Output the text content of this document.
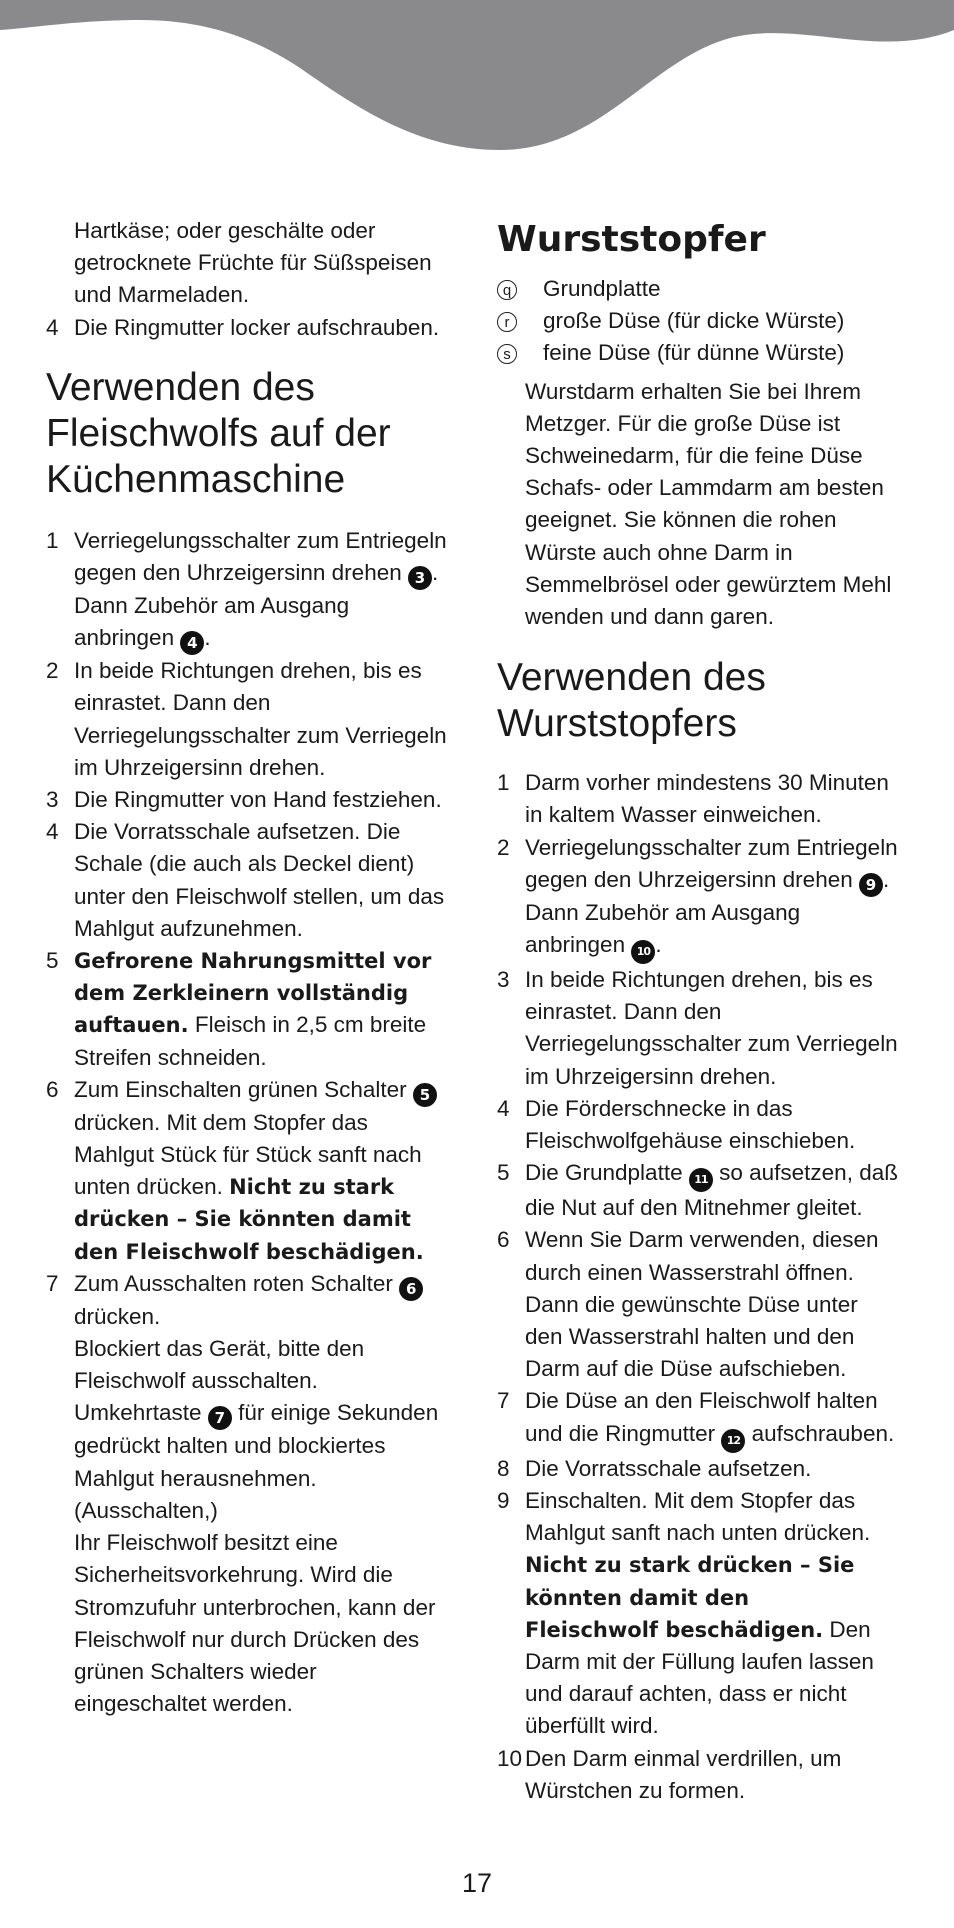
Hartkäse; oder geschälte oder

getrocknete Früchte für Süßspeisen

und Marmeladen.

4 Die Ringmutter locker aufschrauben.
Verwenden des
Fleischwolfs auf der
Küchenmaschine
1 Verriegelungsschalter zum Entriegeln
gegen den Uhrzeigersinn drehen 3 .
Dann Zubehör am Ausgang
anbringen 4 .
2 In beide Richtungen drehen, bis es
einrastet. Dann den
Verriegelungsschalter zum Verriegeln
im Uhrzeigersinn drehen.
3 Die Ringmutter von Hand festziehen.
4 Die Vorratsschale aufsetzen. Die
Schale (die auch als Deckel dient)
unter den Fleischwolf stellen, um das
Mahlgut aufzunehmen.
5 Gefrorene Nahrungsmittel vor
dem Zerkleinern vollständig
auftauen. Fleisch in 2,5 cm breite
Streifen schneiden.
6 Zum Einschalten grünen Schalter 5
drücken. Mit dem Stopfer das
Mahlgut Stück für Stück sanft nach
unten drücken. Nicht zu stark
drücken – Sie könnten damit
den Fleischwolf beschädigen.
7 Zum Ausschalten roten Schalter 6
drücken.
Blockiert das Gerät, bitte den
Fleischwolf ausschalten.
Umkehrtaste 7 für einige Sekunden
gedrückt halten und blockiertes
Mahlgut herausnehmen.
(Ausschalten,)
Ihr Fleischwolf besitzt eine
Sicherheitsvorkehrung. Wird die
Stromzufuhr unterbrochen, kann der
Fleischwolf nur durch Drücken des
grünen Schalters wieder
eingeschaltet werden.
Wurststopfer
q	Grundplatte
r	große Düse (für dicke Würste)
s	feine Düse (für dünne Würste)
Wurstdarm erhalten Sie bei Ihrem
Metzger. Für die große Düse ist
Schweinedarm, für die feine Düse
Schafs- oder Lammdarm am besten
geeignet. Sie können die rohen
Würste auch ohne Darm in
Semmelbrösel oder gewürztem Mehl
wenden und dann garen.
Verwenden des
Wurststopfers
1 Darm vorher mindestens 30 Minuten
in kaltem Wasser einweichen.
2 Verriegelungsschalter zum Entriegeln
gegen den Uhrzeigersinn drehen 9 .
Dann Zubehör am Ausgang
anbringen 10 .
3 In beide Richtungen drehen, bis es
einrastet. Dann den
Verriegelungsschalter zum Verriegeln
im Uhrzeigersinn drehen.
4 Die Förderschnecke in das
Fleischwolfgehäuse einschieben.
5 Die Grundplatte 11 so aufsetzen, daß
die Nut auf den Mitnehmer gleitet.
6 Wenn Sie Darm verwenden, diesen
durch einen Wasserstrahl öffnen.
Dann die gewünschte Düse unter
den Wasserstrahl halten und den
Darm auf die Düse aufschieben.
7 Die Düse an den Fleischwolf halten
und die Ringmutter 12 aufschrauben.
8 Die Vorratsschale aufsetzen.
9 Einschalten. Mit dem Stopfer das
Mahlgut sanft nach unten drücken.
Nicht zu stark drücken – Sie
könnten damit den
Fleischwolf beschädigen. Den
Darm mit der Füllung laufen lassen
und darauf achten, dass er nicht
überfüllt wird.
10 Den Darm einmal verdrillen, um
Würstchen zu formen.
17
